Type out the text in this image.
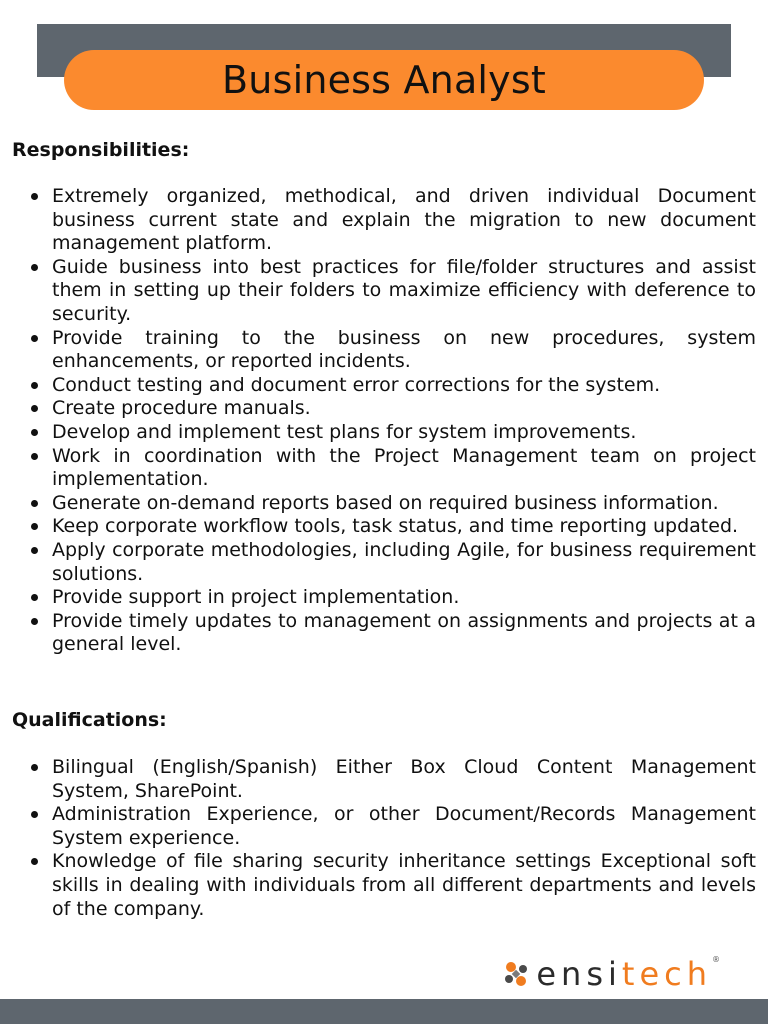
Business Analyst
Responsibilities:
Extremely organized, methodical, and driven individual Document business current state and explain the migration to new document management platform.
Guide business into best practices for file/folder structures and assist them in setting up their folders to maximize efficiency with deference to security.
Provide training to the business on new procedures, system enhancements, or reported incidents.
Conduct testing and document error corrections for the system.
Create procedure manuals.
Develop and implement test plans for system improvements.
Work in coordination with the Project Management team on project implementation.
Generate on-demand reports based on required business information.
Keep corporate workflow tools, task status, and time reporting updated.
Apply corporate methodologies, including Agile, for business requirement solutions.
Provide support in project implementation.
Provide timely updates to management on assignments and projects at a general level.
Qualifications:
Bilingual (English/Spanish) Either Box Cloud Content Management System, SharePoint.
Administration Experience, or other Document/Records Management System experience.
Knowledge of file sharing security inheritance settings Exceptional soft skills in dealing with individuals from all different departments and levels of the company.
ensitech ®
